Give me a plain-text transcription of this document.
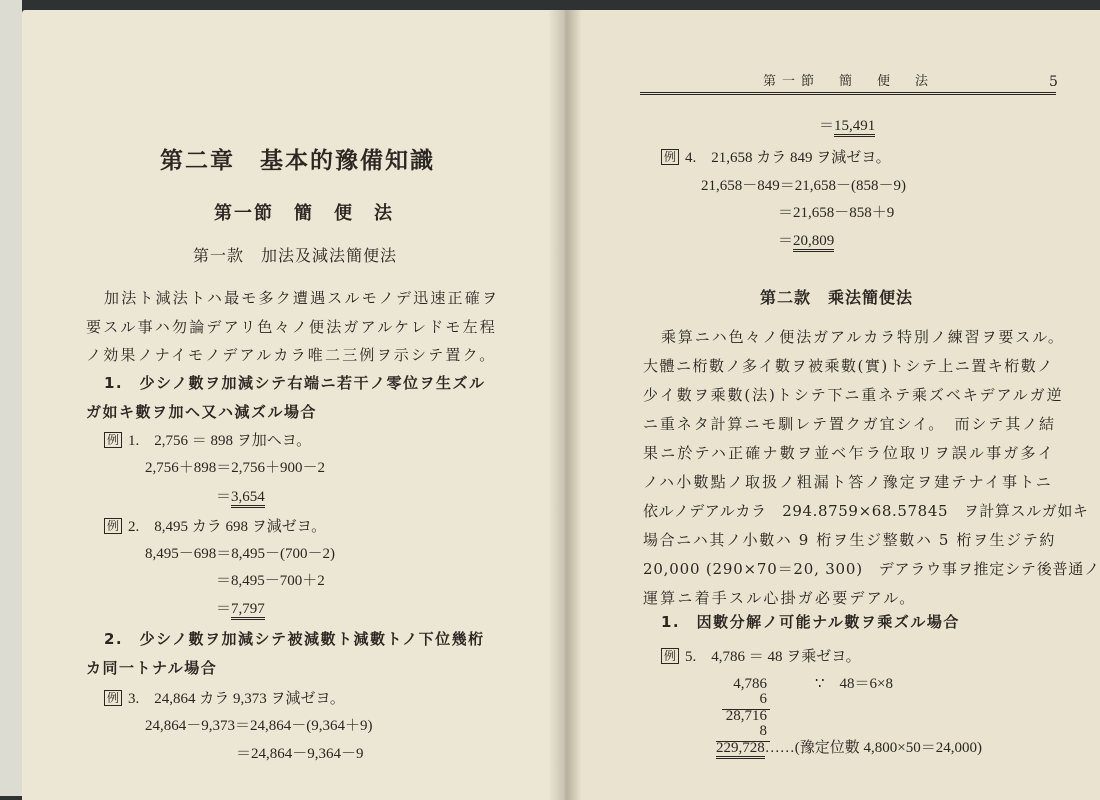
第二章　基本的豫備知識
第一節　簡　便　法
第一款　加法及減法簡便法
加法ト減法トハ最モ多ク遭遇スルモノデ迅速正確ヲ
要スル事ハ勿論デアリ色々ノ便法ガアルケレドモ左程
ノ効果ノナイモノデアルカラ唯二三例ヲ示シテ置ク。
1.　少シノ數ヲ加減シテ右端ニ若干ノ零位ヲ生ズル
ガ如キ數ヲ加ヘ又ハ減ズル場合
例 1.　2,756 ＝ 898 ヲ加ヘヨ。
2,756＋898＝2,756＋900－2
＝3,654
例 2.　8,495 カラ 698 ヲ減ゼヨ。
8,495－698＝8,495－(700－2)
＝8,495－700＋2
＝7,797
2.　少シノ數ヲ加減シテ被減數ト減數トノ下位幾桁
カ同一トナル場合
例 3.　24,864 カラ 9,373 ヲ減ゼヨ。
24,864－9,373＝24,864－(9,364＋9)
＝24,864－9,364－9
第一節　簡　便　法	5
＝15,491
例 4.　21,658 カラ 849 ヲ減ゼヨ。
21,658－849＝21,658－(858－9)
＝21,658－858＋9
＝20,809
第二款　乘法簡便法
乘算ニハ色々ノ便法ガアルカラ特別ノ練習ヲ要スル。
大體ニ桁數ノ多イ數ヲ被乘數(實)トシテ上ニ置キ桁數ノ
少イ數ヲ乘數(法)トシテ下ニ重ネテ乘ズベキデアルガ逆
ニ重ネタ計算ニモ馴レテ置クガ宜シイ。　而シテ其ノ結
果ニ於テハ正確ナ數ヲ並ベ乍ラ位取リヲ誤ル事ガ多イ
ノハ小數點ノ取扱ノ粗漏ト答ノ豫定ヲ建テナイ事トニ
依ルノデアルカラ　294.8759×68.57845　ヲ計算スルガ如キ
場合ニハ其ノ小數ハ 9 桁ヲ生ジ整數ハ 5 桁ヲ生ジテ約
20,000 (290×70＝20, 300)　デアラウ事ヲ推定シテ後普通ノ
運算ニ着手スル心掛ガ必要デアル。
1.　因數分解ノ可能ナル數ヲ乘ズル場合
例 5.　4,786 ＝ 48 ヲ乘ゼヨ。
4,786	∵　48＝6×8
6
28,716
8
229,728……(豫定位數 4,800×50＝24,000)
